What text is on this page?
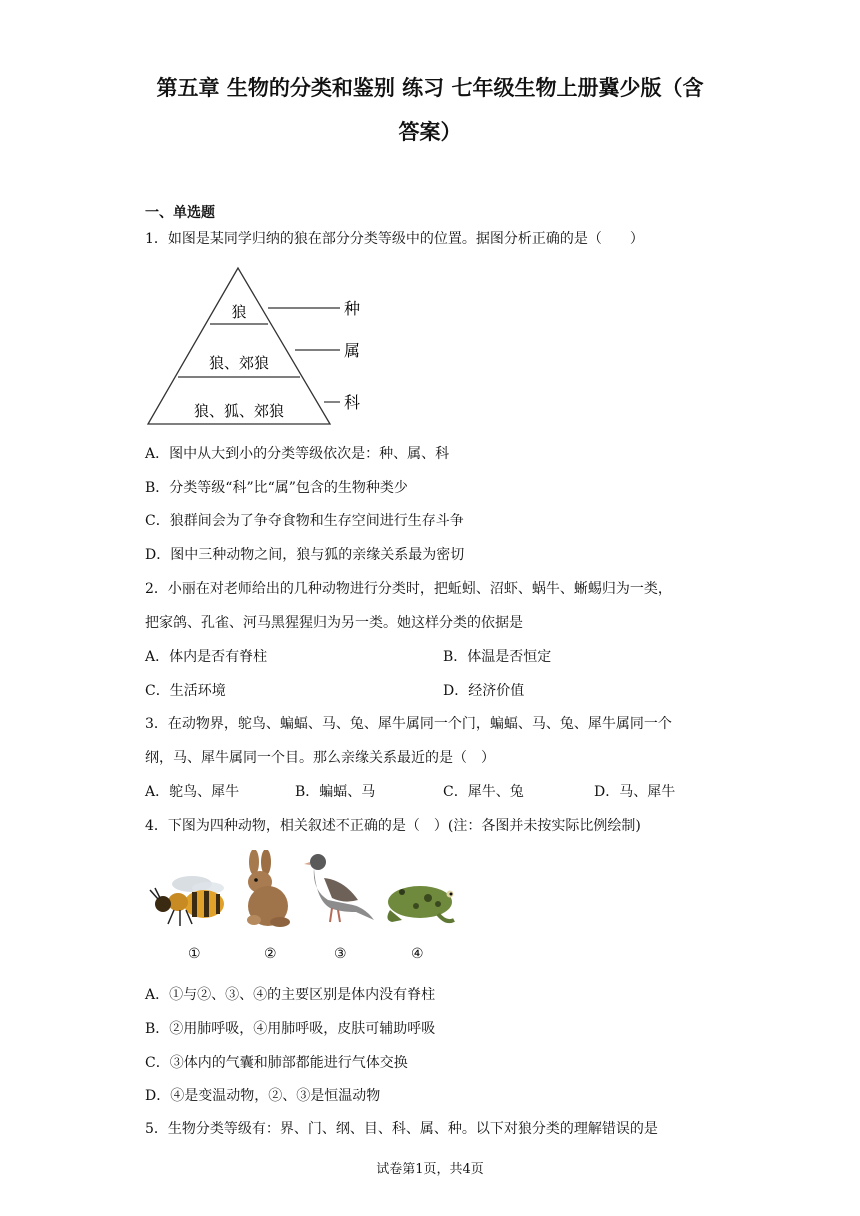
第五章 生物的分类和鉴别 练习 七年级生物上册冀少版（含
答案）
一、单选题
1．如图是某同学归纳的狼在部分分类等级中的位置。据图分析正确的是（　　）
狼
狼、郊狼
狼、狐、郊狼
种
属
科
A．图中从大到小的分类等级依次是：种、属、科
B．分类等级“科”比“属”包含的生物种类少
C．狼群间会为了争夺食物和生存空间进行生存斗争
D．图中三种动物之间，狼与狐的亲缘关系最为密切
2．小丽在对老师给出的几种动物进行分类时，把蚯蚓、沼虾、蜗牛、蜥蜴归为一类，
把家鸽、孔雀、河马黑猩猩归为另一类。她这样分类的依据是
A．体内是否有脊柱	B．体温是否恒定
C．生活环境	D．经济价值
3．在动物界，鸵鸟、蝙蝠、马、兔、犀牛属同一个门，蝙蝠、马、兔、犀牛属同一个
纲，马、犀牛属同一个目。那么亲缘关系最近的是（　）
A．鸵鸟、犀牛	B．蝙蝠、马	C．犀牛、兔	D．马、犀牛
4．下图为四种动物，相关叙述不正确的是（　）(注：各图并未按实际比例绘制)
①	②	③	④
A．①与②、③、④的主要区别是体内没有脊柱
B．②用肺呼吸，④用肺呼吸，皮肤可辅助呼吸
C．③体内的气囊和肺部都能进行气体交换
D．④是变温动物，②、③是恒温动物
5．生物分类等级有：界、门、纲、目、科、属、种。以下对狼分类的理解错误的是
试卷第1页，共4页
